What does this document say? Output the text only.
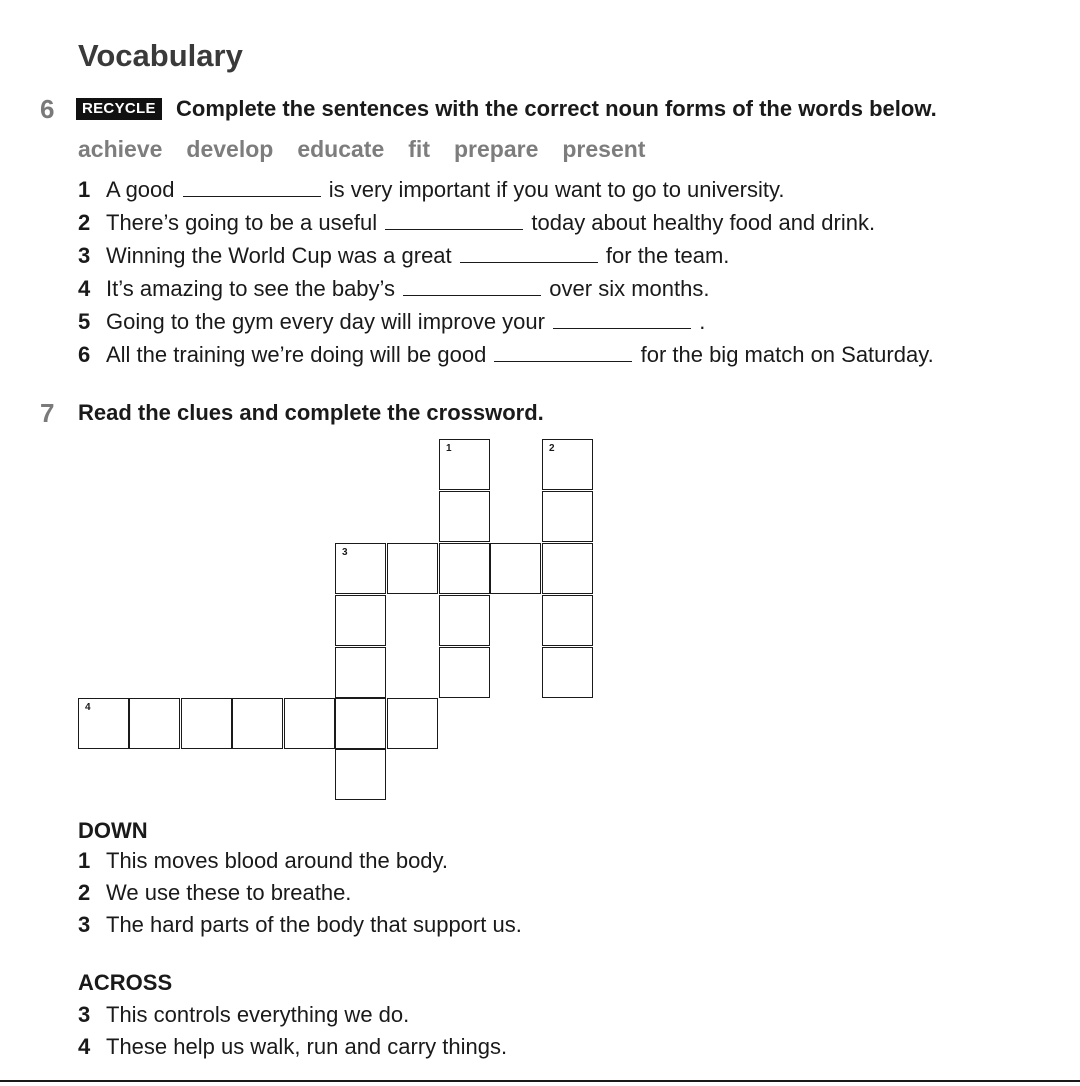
Vocabulary
6	RECYCLE Complete the sentences with the correct noun forms of the words below.
achieve develop educate fit prepare present
1 A good	is very important if you want to go to university.
2 There’s going to be a useful	today about healthy food and drink.
3 Winning the World Cup was a great	for the team.
4 It’s amazing to see the baby’s	over six months.
5 Going to the gym every day will improve your	.
6 All the training we’re doing will be good	for the big match on Saturday.
7 Read the clues and complete the crossword.
1	2
3
4
DOWN
1 This moves blood around the body.
2 We use these to breathe.
3 The hard parts of the body that support us.
ACROSS
3 This controls everything we do.
4 These help us walk, run and carry things.
